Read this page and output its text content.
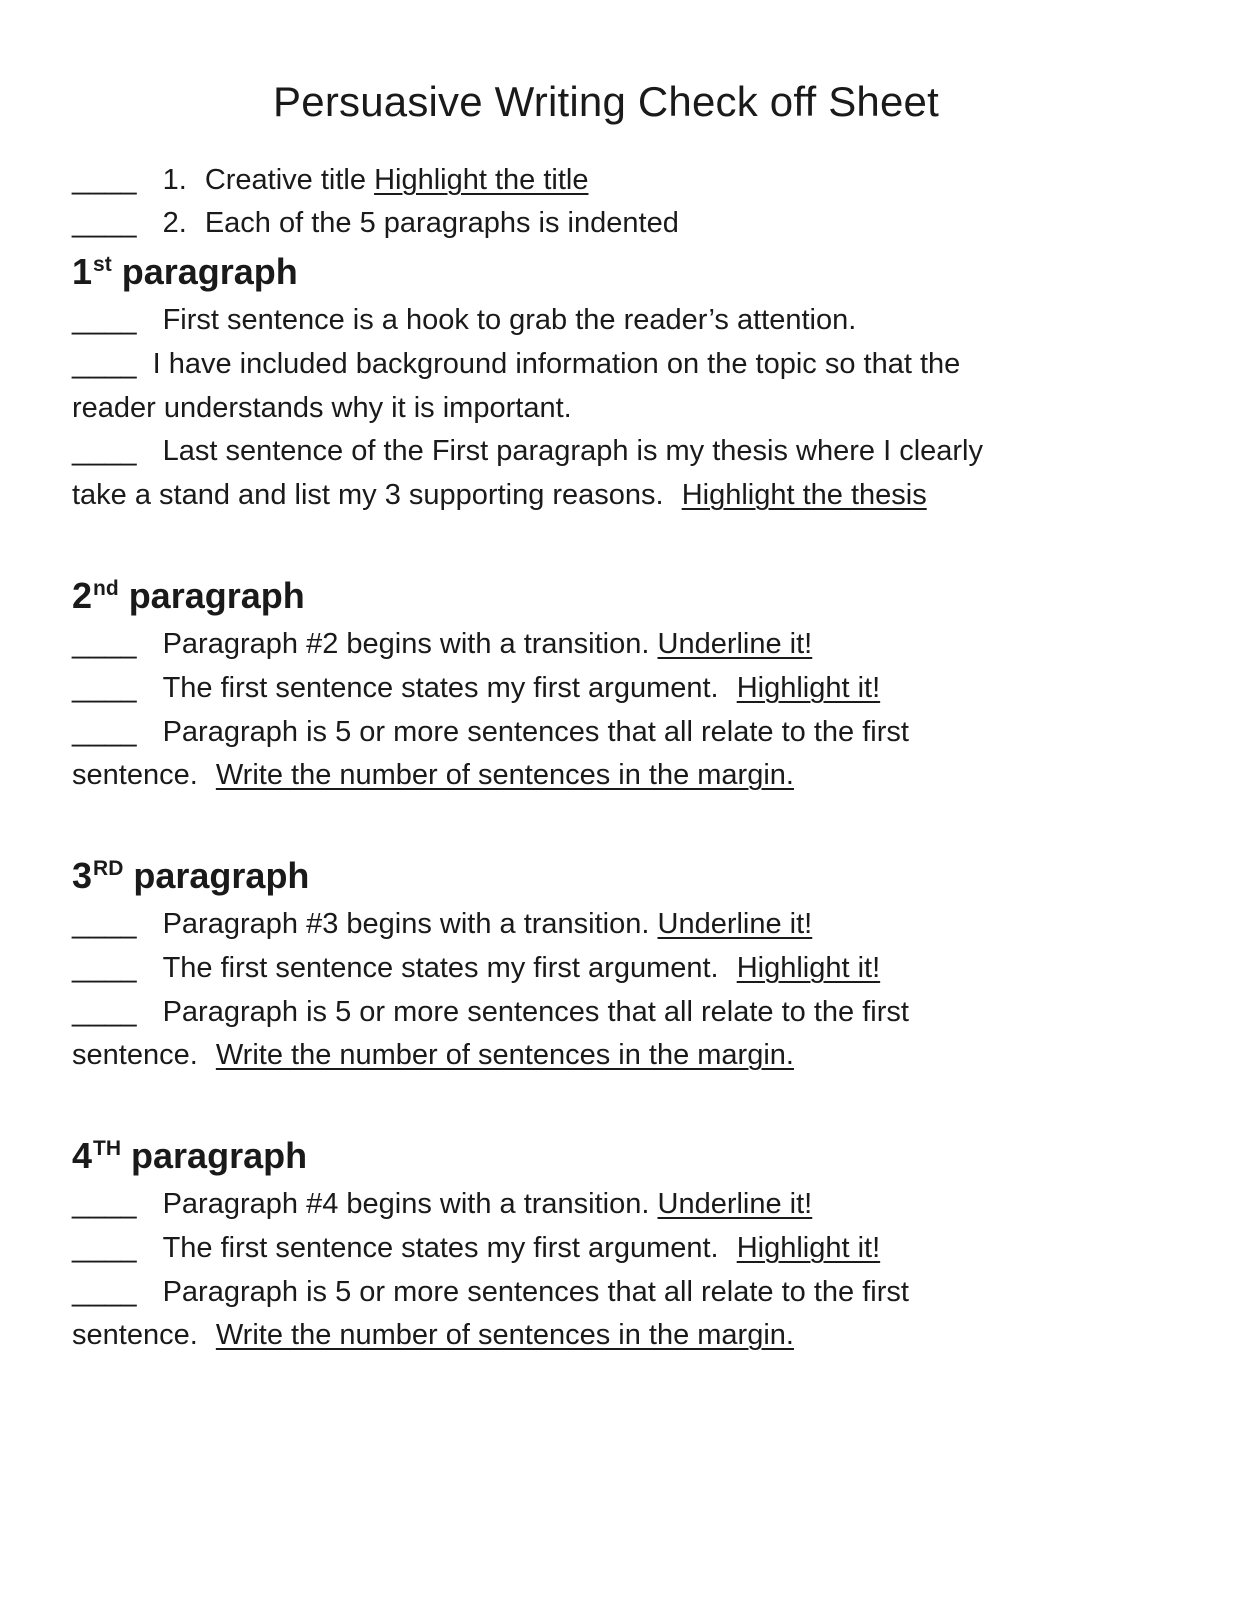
Persuasive Writing Check off Sheet
____ 1. Creative title Highlight the title
____ 2. Each of the 5 paragraphs is indented
1st paragraph
____ First sentence is a hook to grab the reader’s attention.
____ I have included background information on the topic so that the
reader understands why it is important.
____ Last sentence of the First paragraph is my thesis where I clearly
take a stand and list my 3 supporting reasons. Highlight the thesis
2nd paragraph
____ Paragraph #2 begins with a transition. Underline it!
____ The first sentence states my first argument. Highlight it!
____ Paragraph is 5 or more sentences that all relate to the first
sentence. Write the number of sentences in the margin.
3RD paragraph
____ Paragraph #3 begins with a transition. Underline it!
____ The first sentence states my first argument. Highlight it!
____ Paragraph is 5 or more sentences that all relate to the first
sentence. Write the number of sentences in the margin.
4TH paragraph
____ Paragraph #4 begins with a transition. Underline it!
____ The first sentence states my first argument. Highlight it!
____ Paragraph is 5 or more sentences that all relate to the first
sentence. Write the number of sentences in the margin.
